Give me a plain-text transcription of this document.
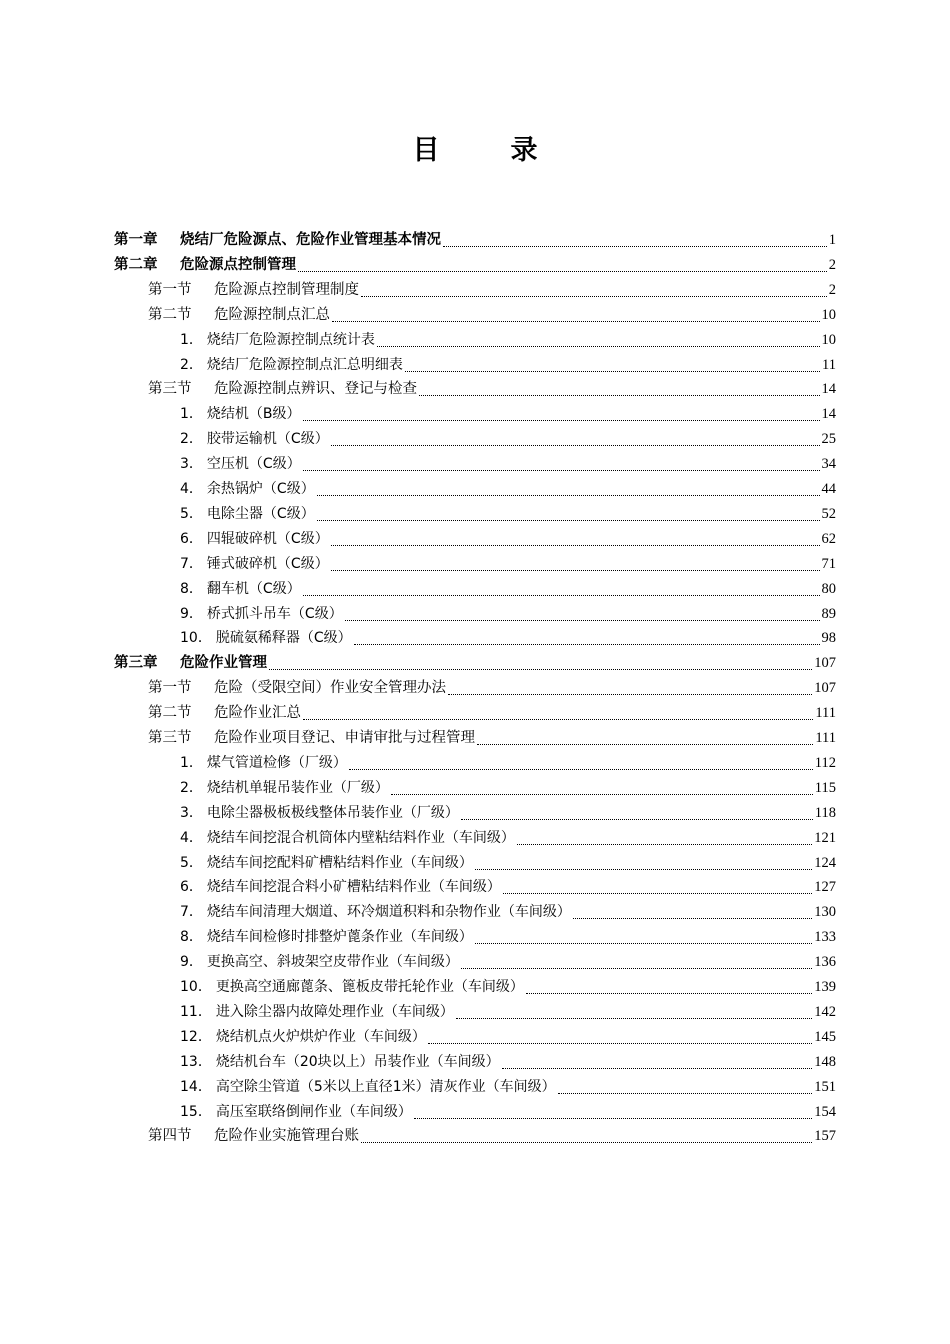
目　录
第一章 烧结厂危险源点、危险作业管理基本情况	1
第二章 危险源点控制管理	2
第一节 危险源点控制管理制度	2
第二节 危险源控制点汇总	10
1． 烧结厂危险源控制点统计表	10
2． 烧结厂危险源控制点汇总明细表	11
第三节 危险源控制点辨识、登记与检查	14
1． 烧结机（B级）	14
2． 胶带运输机（C级）	25
3． 空压机（C级）	34
4． 余热锅炉（C级）	44
5． 电除尘器（C级）	52
6． 四辊破碎机（C级）	62
7． 锤式破碎机（C级）	71
8． 翻车机（C级）	80
9． 桥式抓斗吊车（C级）	89
10． 脱硫氨稀释器（C级）	98
第三章 危险作业管理	107
第一节 危险（受限空间）作业安全管理办法	107
第二节 危险作业汇总	111
第三节 危险作业项目登记、申请审批与过程管理	111
1． 煤气管道检修（厂级）	112
2． 烧结机单辊吊装作业（厂级）	115
3． 电除尘器极板极线整体吊装作业（厂级）	118
4． 烧结车间挖混合机筒体内壁粘结料作业（车间级）	121
5． 烧结车间挖配料矿槽粘结料作业（车间级）	124
6． 烧结车间挖混合料小矿槽粘结料作业（车间级）	127
7． 烧结车间清理大烟道、环冷烟道积料和杂物作业（车间级）	130
8． 烧结车间检修时排整炉蓖条作业（车间级）	133
9． 更换高空、斜坡架空皮带作业（车间级）	136
10． 更换高空通廊蓖条、篦板皮带托轮作业（车间级）	139
11． 进入除尘器内故障处理作业（车间级）	142
12． 烧结机点火炉烘炉作业（车间级）	145
13． 烧结机台车（20块以上）吊装作业（车间级）	148
14． 高空除尘管道（5米以上直径1米）清灰作业（车间级）	151
15． 高压室联络倒闸作业（车间级）	154
第四节 危险作业实施管理台账	157
